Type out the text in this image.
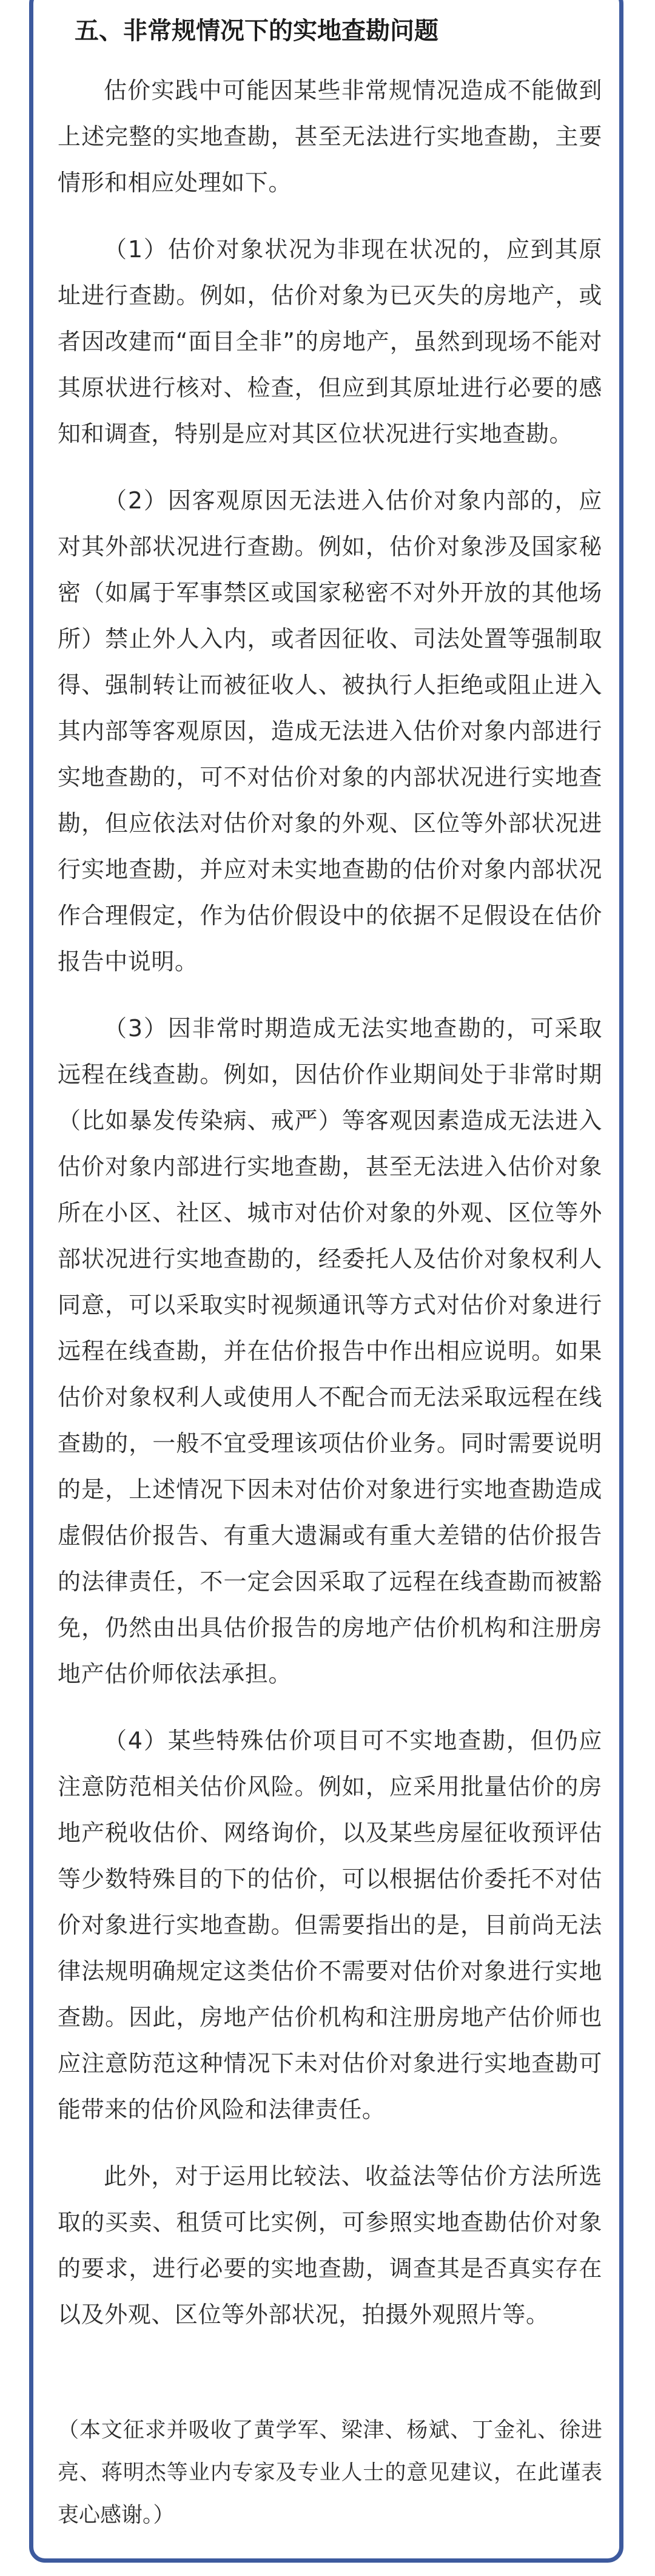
五、非常规情况下的实地查勘问题

估价实践中可能因某些非常规情况造成不能做到上述完整的实地查勘，甚至无法进行实地查勘，主要情形和相应处理如下。

（1）估价对象状况为非现在状况的，应到其原址进行查勘。例如，估价对象为已灭失的房地产，或者因改建而“面目全非”的房地产，虽然到现场不能对其原状进行核对、检查，但应到其原址进行必要的感知和调查，特别是应对其区位状况进行实地查勘。

（2）因客观原因无法进入估价对象内部的，应对其外部状况进行查勘。例如，估价对象涉及国家秘密（如属于军事禁区或国家秘密不对外开放的其他场所）禁止外人入内，或者因征收、司法处置等强制取得、强制转让而被征收人、被执行人拒绝或阻止进入其内部等客观原因，造成无法进入估价对象内部进行实地查勘的，可不对估价对象的内部状况进行实地查勘，但应依法对估价对象的外观、区位等外部状况进行实地查勘，并应对未实地查勘的估价对象内部状况作合理假定，作为估价假设中的依据不足假设在估价报告中说明。

（3）因非常时期造成无法实地查勘的，可采取远程在线查勘。例如，因估价作业期间处于非常时期（比如暴发传染病、戒严）等客观因素造成无法进入估价对象内部进行实地查勘，甚至无法进入估价对象所在小区、社区、城市对估价对象的外观、区位等外部状况进行实地查勘的，经委托人及估价对象权利人同意，可以采取实时视频通讯等方式对估价对象进行远程在线查勘，并在估价报告中作出相应说明。如果估价对象权利人或使用人不配合而无法采取远程在线查勘的，一般不宜受理该项估价业务。同时需要说明的是，上述情况下因未对估价对象进行实地查勘造成虚假估价报告、有重大遗漏或有重大差错的估价报告的法律责任，不一定会因采取了远程在线查勘而被豁免，仍然由出具估价报告的房地产估价机构和注册房地产估价师依法承担。

（4）某些特殊估价项目可不实地查勘，但仍应注意防范相关估价风险。例如，应采用批量估价的房地产税收估价、网络询价，以及某些房屋征收预评估等少数特殊目的下的估价，可以根据估价委托不对估价对象进行实地查勘。但需要指出的是，目前尚无法律法规明确规定这类估价不需要对估价对象进行实地查勘。因此，房地产估价机构和注册房地产估价师也应注意防范这种情况下未对估价对象进行实地查勘可能带来的估价风险和法律责任。

此外，对于运用比较法、收益法等估价方法所选取的买卖、租赁可比实例，可参照实地查勘估价对象的要求，进行必要的实地查勘，调查其是否真实存在以及外观、区位等外部状况，拍摄外观照片等。

（本文征求并吸收了黄学军、梁津、杨斌、丁金礼、徐进亮、蒋明杰等业内专家及专业人士的意见建议，在此谨表衷心感谢。）
